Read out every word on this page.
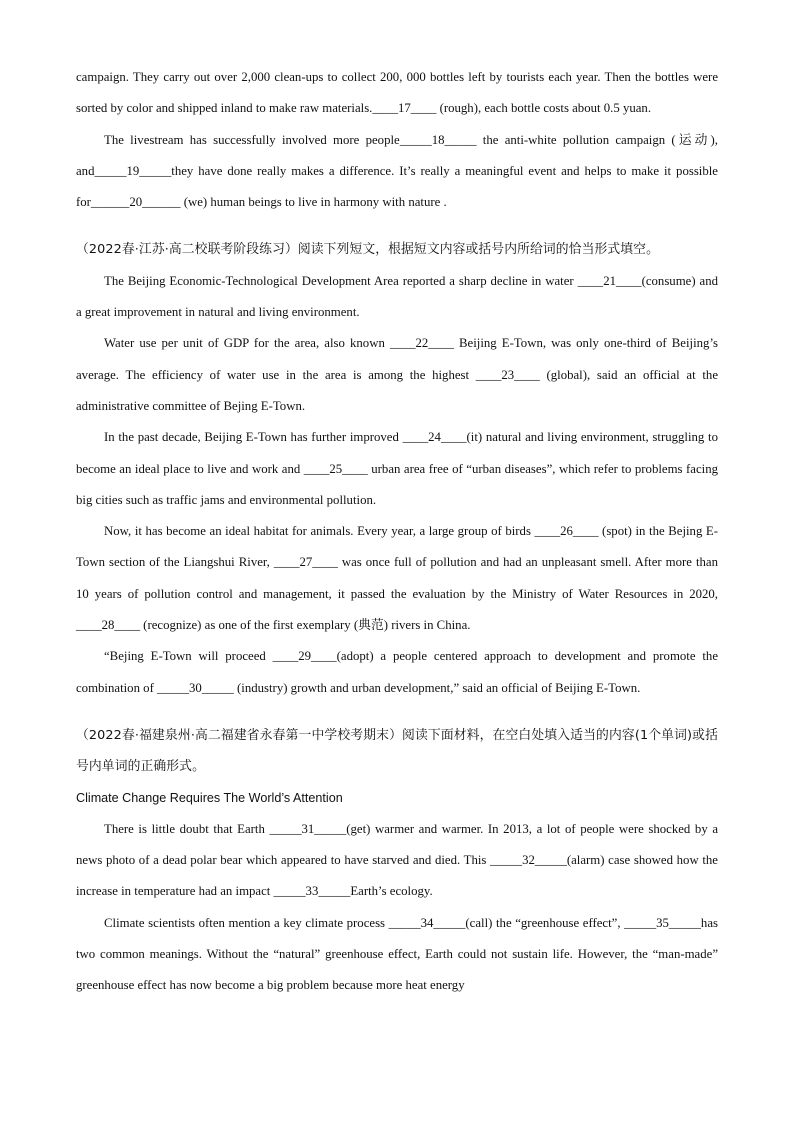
campaign. They carry out over 2,000 clean-ups to collect 200, 000 bottles left by tourists each year. Then the bottles were sorted by color and shipped inland to make raw materials.____17____ (rough), each bottle costs about 0.5 yuan.

The livestream has successfully involved more people_____18_____ the anti-white pollution campaign (运动), and_____19_____they have done really makes a difference. It’s really a meaningful event and helps to make it possible for______20______ (we) human beings to live in harmony with nature .

（2022春·江苏·高二校联考阶段练习）阅读下列短文，根据短文内容或括号内所给词的恰当形式填空。

The Beijing Economic-Technological Development Area reported a sharp decline in water ____21____(consume) and a great improvement in natural and living environment.

Water use per unit of GDP for the area, also known ____22____ Beijing E-Town, was only one-third of Beijing’s average. The efficiency of water use in the area is among the highest ____23____ (global), said an official at the administrative committee of Bejing E-Town.

In the past decade, Beijing E-Town has further improved ____24____(it) natural and living environment, struggling to become an ideal place to live and work and ____25____ urban area free of “urban diseases”, which refer to problems facing big cities such as traffic jams and environmental pollution.

Now, it has become an ideal habitat for animals. Every year, a large group of birds ____26____ (spot) in the Bejing E-Town section of the Liangshui River, ____27____ was once full of pollution and had an unpleasant smell. After more than 10 years of pollution control and management, it passed the evaluation by the Ministry of Water Resources in 2020, ____28____ (recognize) as one of the first exemplary (典范) rivers in China.

“Bejing E-Town will proceed ____29____(adopt) a people centered approach to development and promote the combination of _____30_____ (industry) growth and urban development,” said an official of Beijing E-Town.

（2022春·福建泉州·高二福建省永春第一中学校考期末）阅读下面材料，在空白处填入适当的内容(1个单词)或括号内单词的正确形式。

Climate Change Requires The World’s Attention

There is little doubt that Earth _____31_____(get) warmer and warmer. In 2013, a lot of people were shocked by a news photo of a dead polar bear which appeared to have starved and died. This _____32_____(alarm) case showed how the increase in temperature had an impact _____33_____Earth’s ecology.

Climate scientists often mention a key climate process _____34_____(call) the “greenhouse effect”, _____35_____has two common meanings. Without the “natural” greenhouse effect, Earth could not sustain life. However, the “man-made” greenhouse effect has now become a big problem because more heat energy
